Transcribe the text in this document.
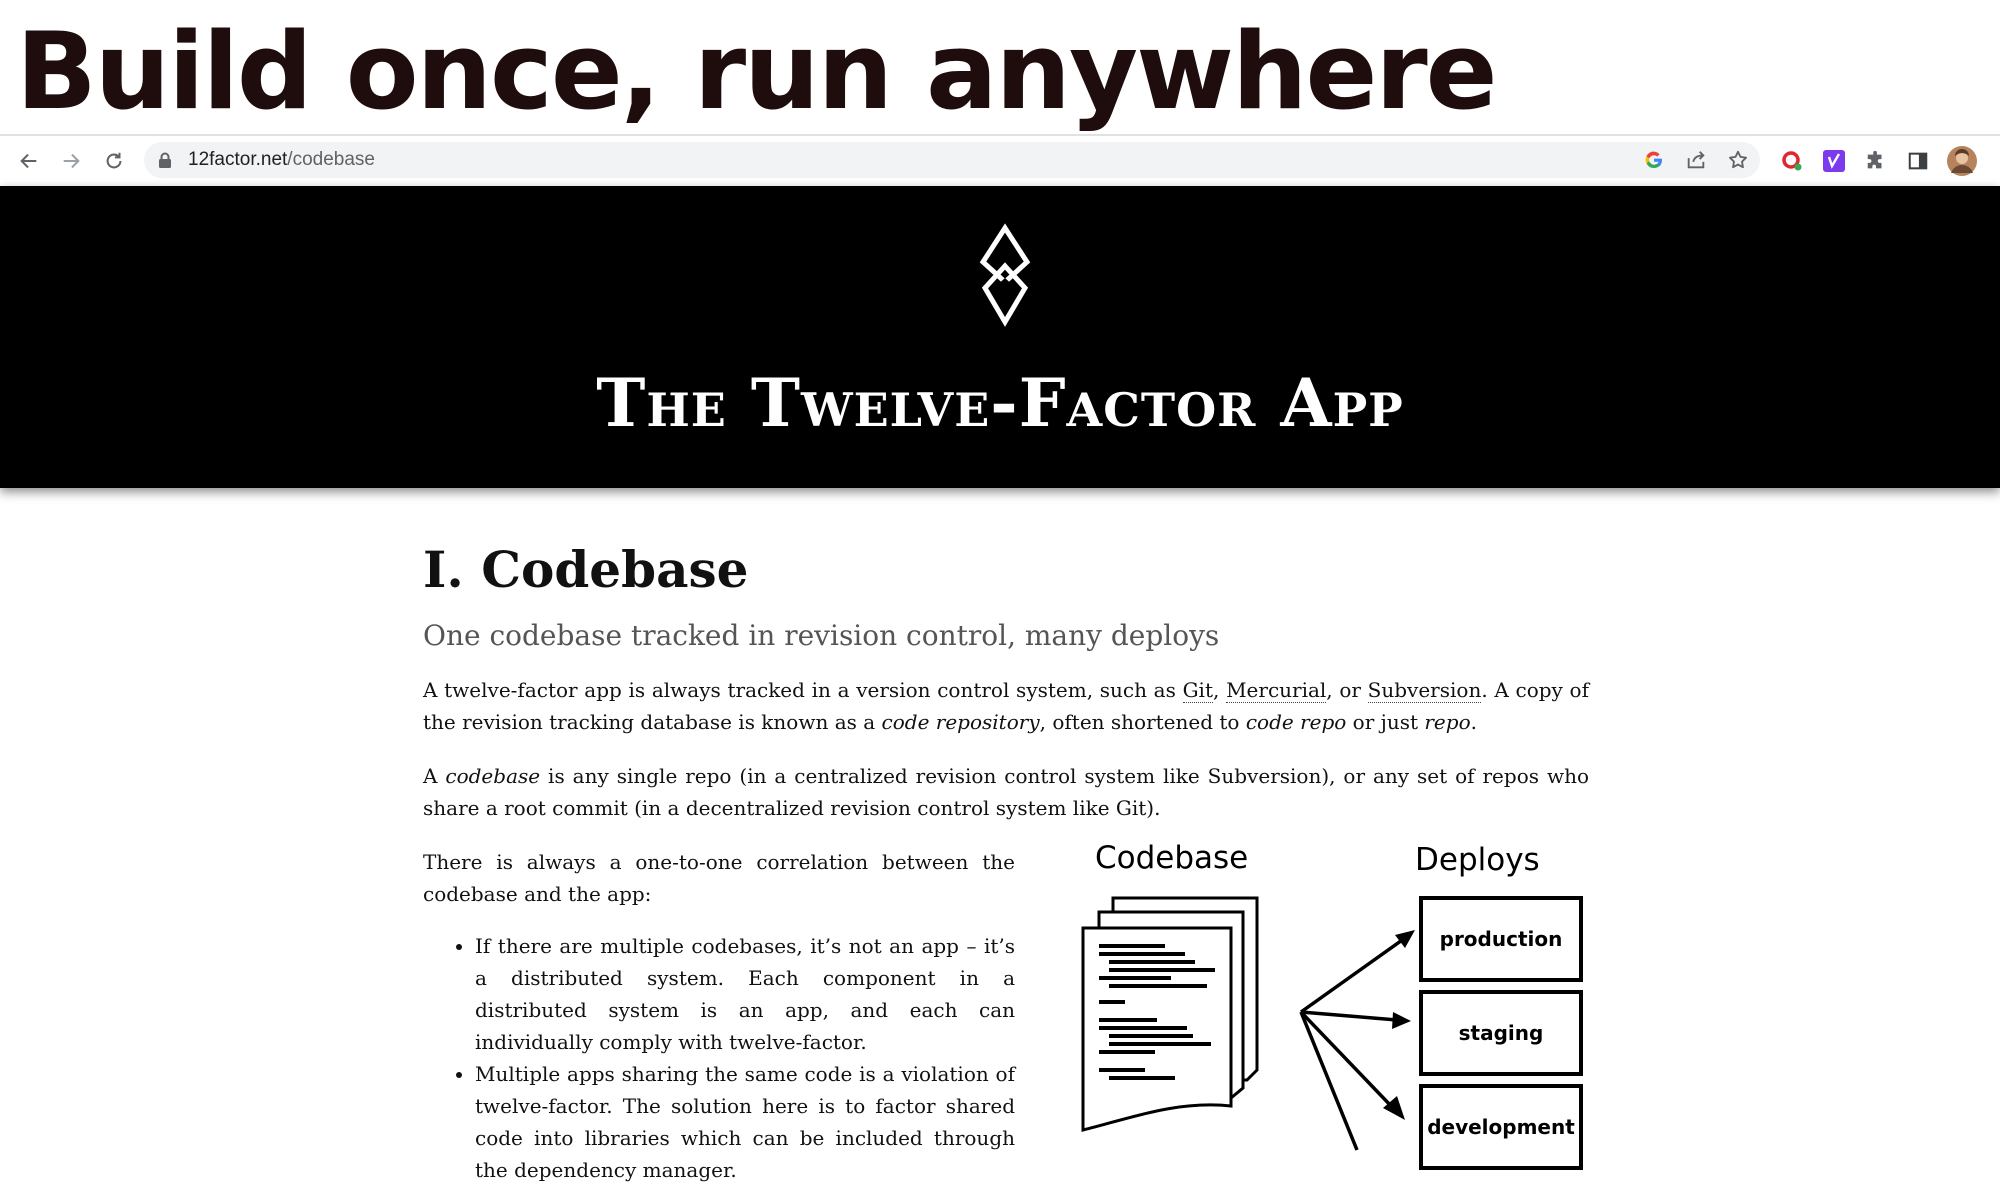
Build once, run anywhere
12factor.net/codebase
The Twelve-Factor App
I. Codebase
One codebase tracked in revision control, many deploys

A twelve-factor app is always tracked in a version control system, such as Git, Mercurial, or Subversion. A copy of the revision tracking database is known as a code repository, often shortened to code repo or just repo.

A codebase is any single repo (in a centralized revision control system like Subversion), or any set of repos who share a root commit (in a decentralized revision control system like Git).

There is always a one-to-one correlation between the codebase and the app:

• If there are multiple codebases, it’s not an app – it’s a distributed system. Each component in a distributed system is an app, and each can individually comply with twelve-factor.
• Multiple apps sharing the same code is a violation of twelve-factor. The solution here is to factor shared code into libraries which can be included through the dependency manager.
Codebase	Deploys
production
staging
development
